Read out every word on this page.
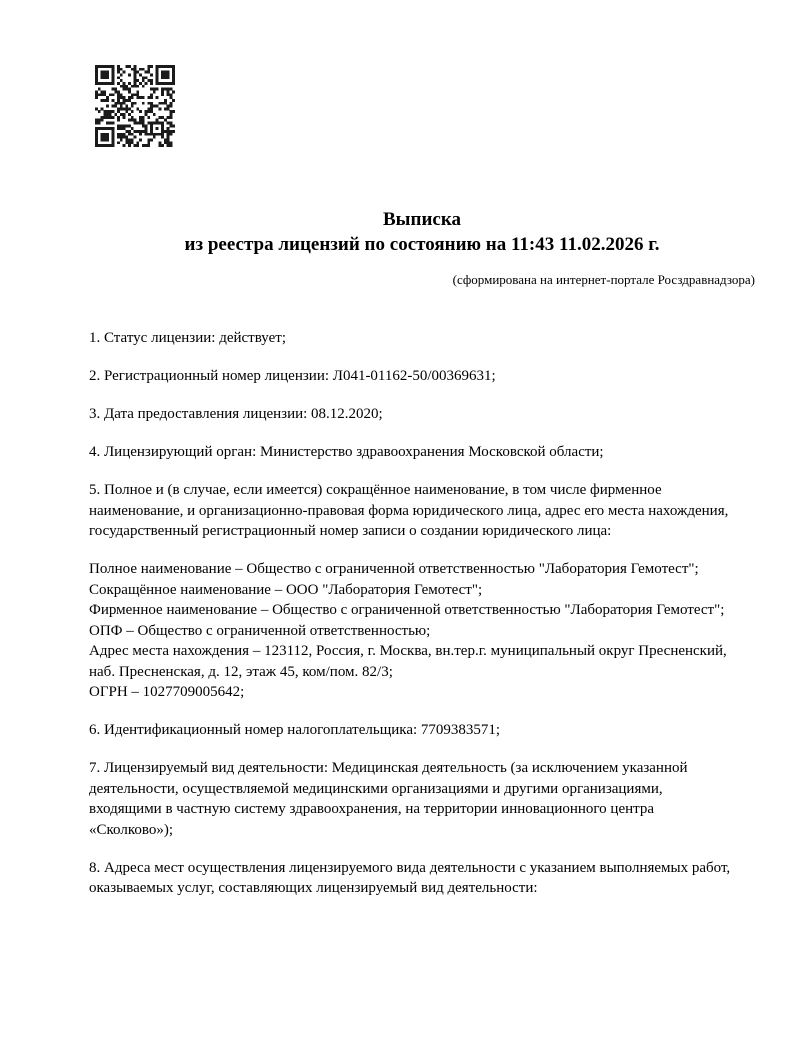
Выписка
из реестра лицензий по состоянию на 11:43 11.02.2026 г.
(сформирована на интернет-портале Росздравнадзора)

1. Статус лицензии: действует;

2. Регистрационный номер лицензии: Л041-01162-50/00369631;

3. Дата предоставления лицензии: 08.12.2020;

4. Лицензирующий орган: Министерство здравоохранения Московской области;

5. Полное и (в случае, если имеется) сокращённое наименование, в том числе фирменное наименование, и организационно-правовая форма юридического лица, адрес его места нахождения, государственный регистрационный номер записи о создании юридического лица:

Полное наименование – Общество с ограниченной ответственностью "Лаборатория Гемотест";
Сокращённое наименование – ООО "Лаборатория Гемотест";
Фирменное наименование – Общество с ограниченной ответственностью "Лаборатория Гемотест";
ОПФ – Общество с ограниченной ответственностью;
Адрес места нахождения – 123112, Россия, г. Москва, вн.тер.г. муниципальный округ Пресненский, наб. Пресненская, д. 12, этаж 45, ком/пом. 82/3;
ОГРН – 1027709005642;

6. Идентификационный номер налогоплательщика: 7709383571;

7. Лицензируемый вид деятельности: Медицинская деятельность (за исключением указанной деятельности, осуществляемой медицинскими организациями и другими организациями, входящими в частную систему здравоохранения, на территории инновационного центра «Сколково»);

8. Адреса мест осуществления лицензируемого вида деятельности с указанием выполняемых работ, оказываемых услуг, составляющих лицензируемый вид деятельности:
